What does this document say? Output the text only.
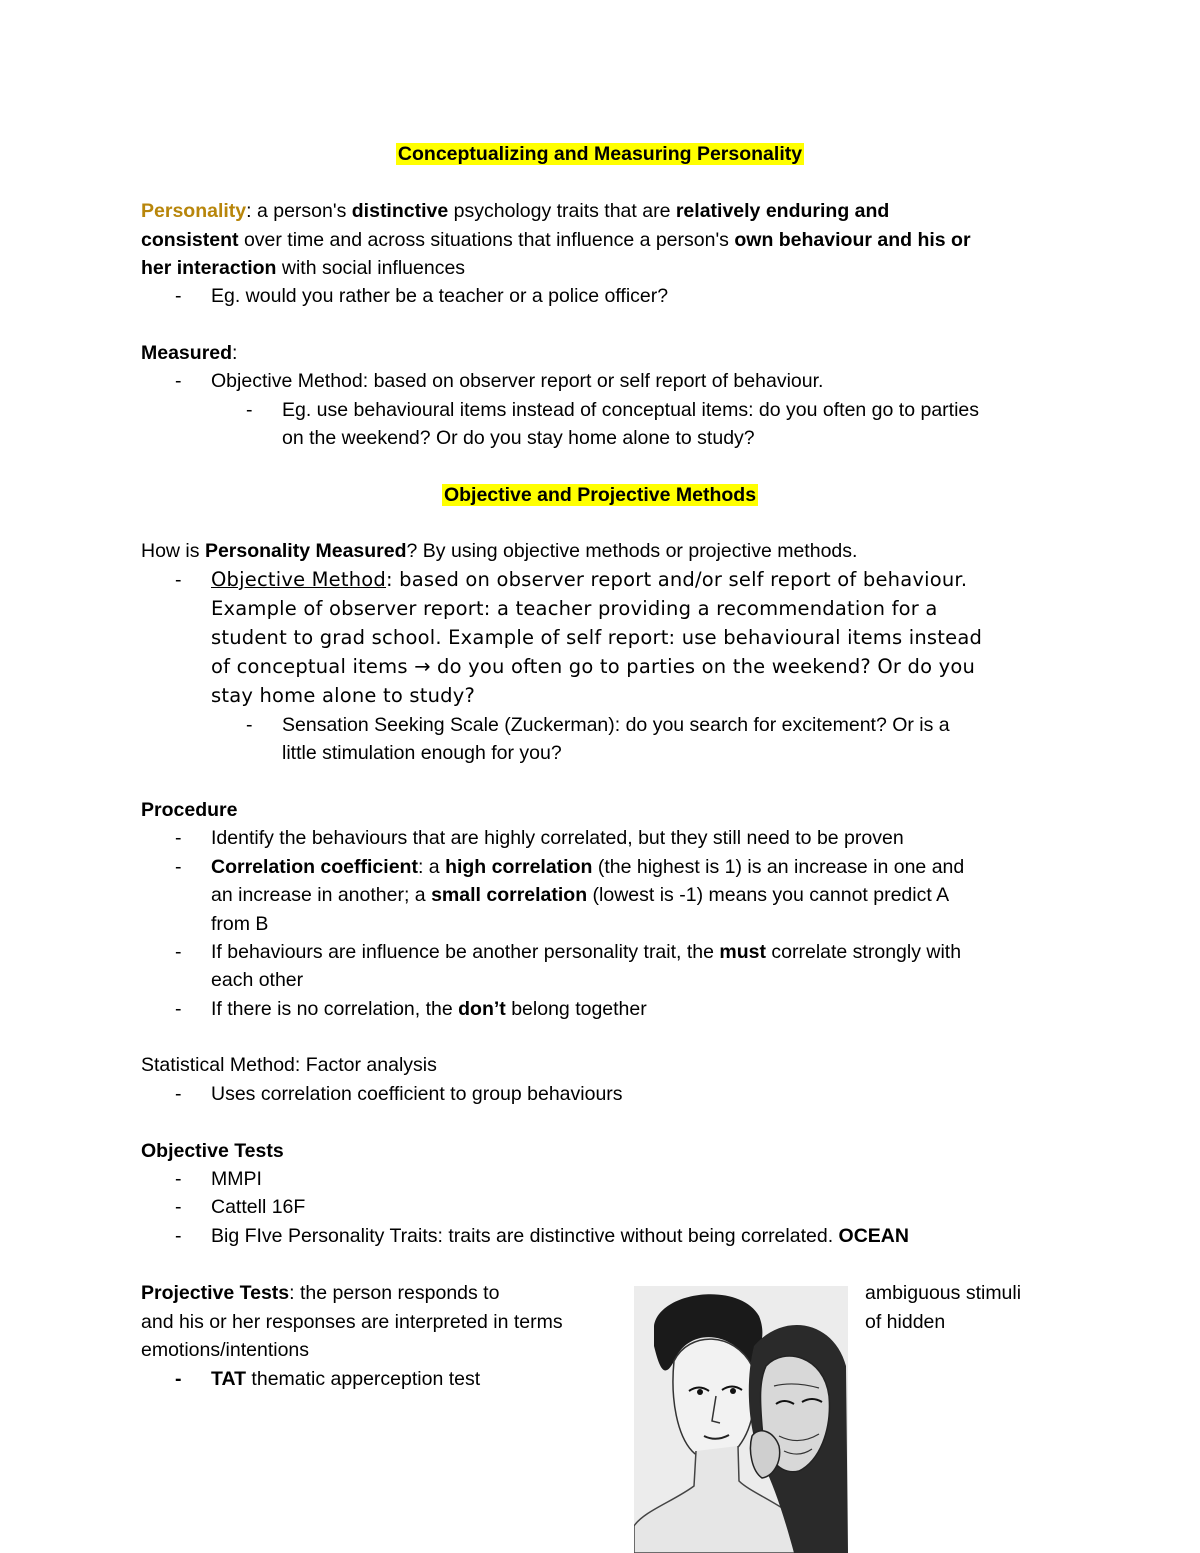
Conceptualizing and Measuring Personality
Personality: a person's distinctive psychology traits that are relatively enduring and
consistent over time and across situations that influence a person's own behaviour and his or
her interaction with social influences
- Eg. would you rather be a teacher or a police officer?
Measured:
- Objective Method: based on observer report or self report of behaviour.
- Eg. use behavioural items instead of conceptual items: do you often go to parties
on the weekend? Or do you stay home alone to study?
Objective and Projective Methods
How is Personality Measured? By using objective methods or projective methods.
- Objective Method: based on observer report and/or self report of behaviour.
Example of observer report: a teacher providing a recommendation for a
student to grad school. Example of self report: use behavioural items instead
of conceptual items → do you often go to parties on the weekend? Or do you
stay home alone to study?
- Sensation Seeking Scale (Zuckerman): do you search for excitement? Or is a
little stimulation enough for you?
Procedure
- Identify the behaviours that are highly correlated, but they still need to be proven
- Correlation coefficient: a high correlation (the highest is 1) is an increase in one and
an increase in another; a small correlation (lowest is -1) means you cannot predict A
from B
- If behaviours are influence be another personality trait, the must correlate strongly with
each other
- If there is no correlation, the don’t belong together
Statistical Method: Factor analysis
- Uses correlation coefficient to group behaviours
Objective Tests
- MMPI
- Cattell 16F
- Big FIve Personality Traits: traits are distinctive without being correlated. OCEAN
Projective Tests: the person responds to	ambiguous stimuli
and his or her responses are interpreted in terms	of hidden
emotions/intentions
- TAT thematic apperception test
